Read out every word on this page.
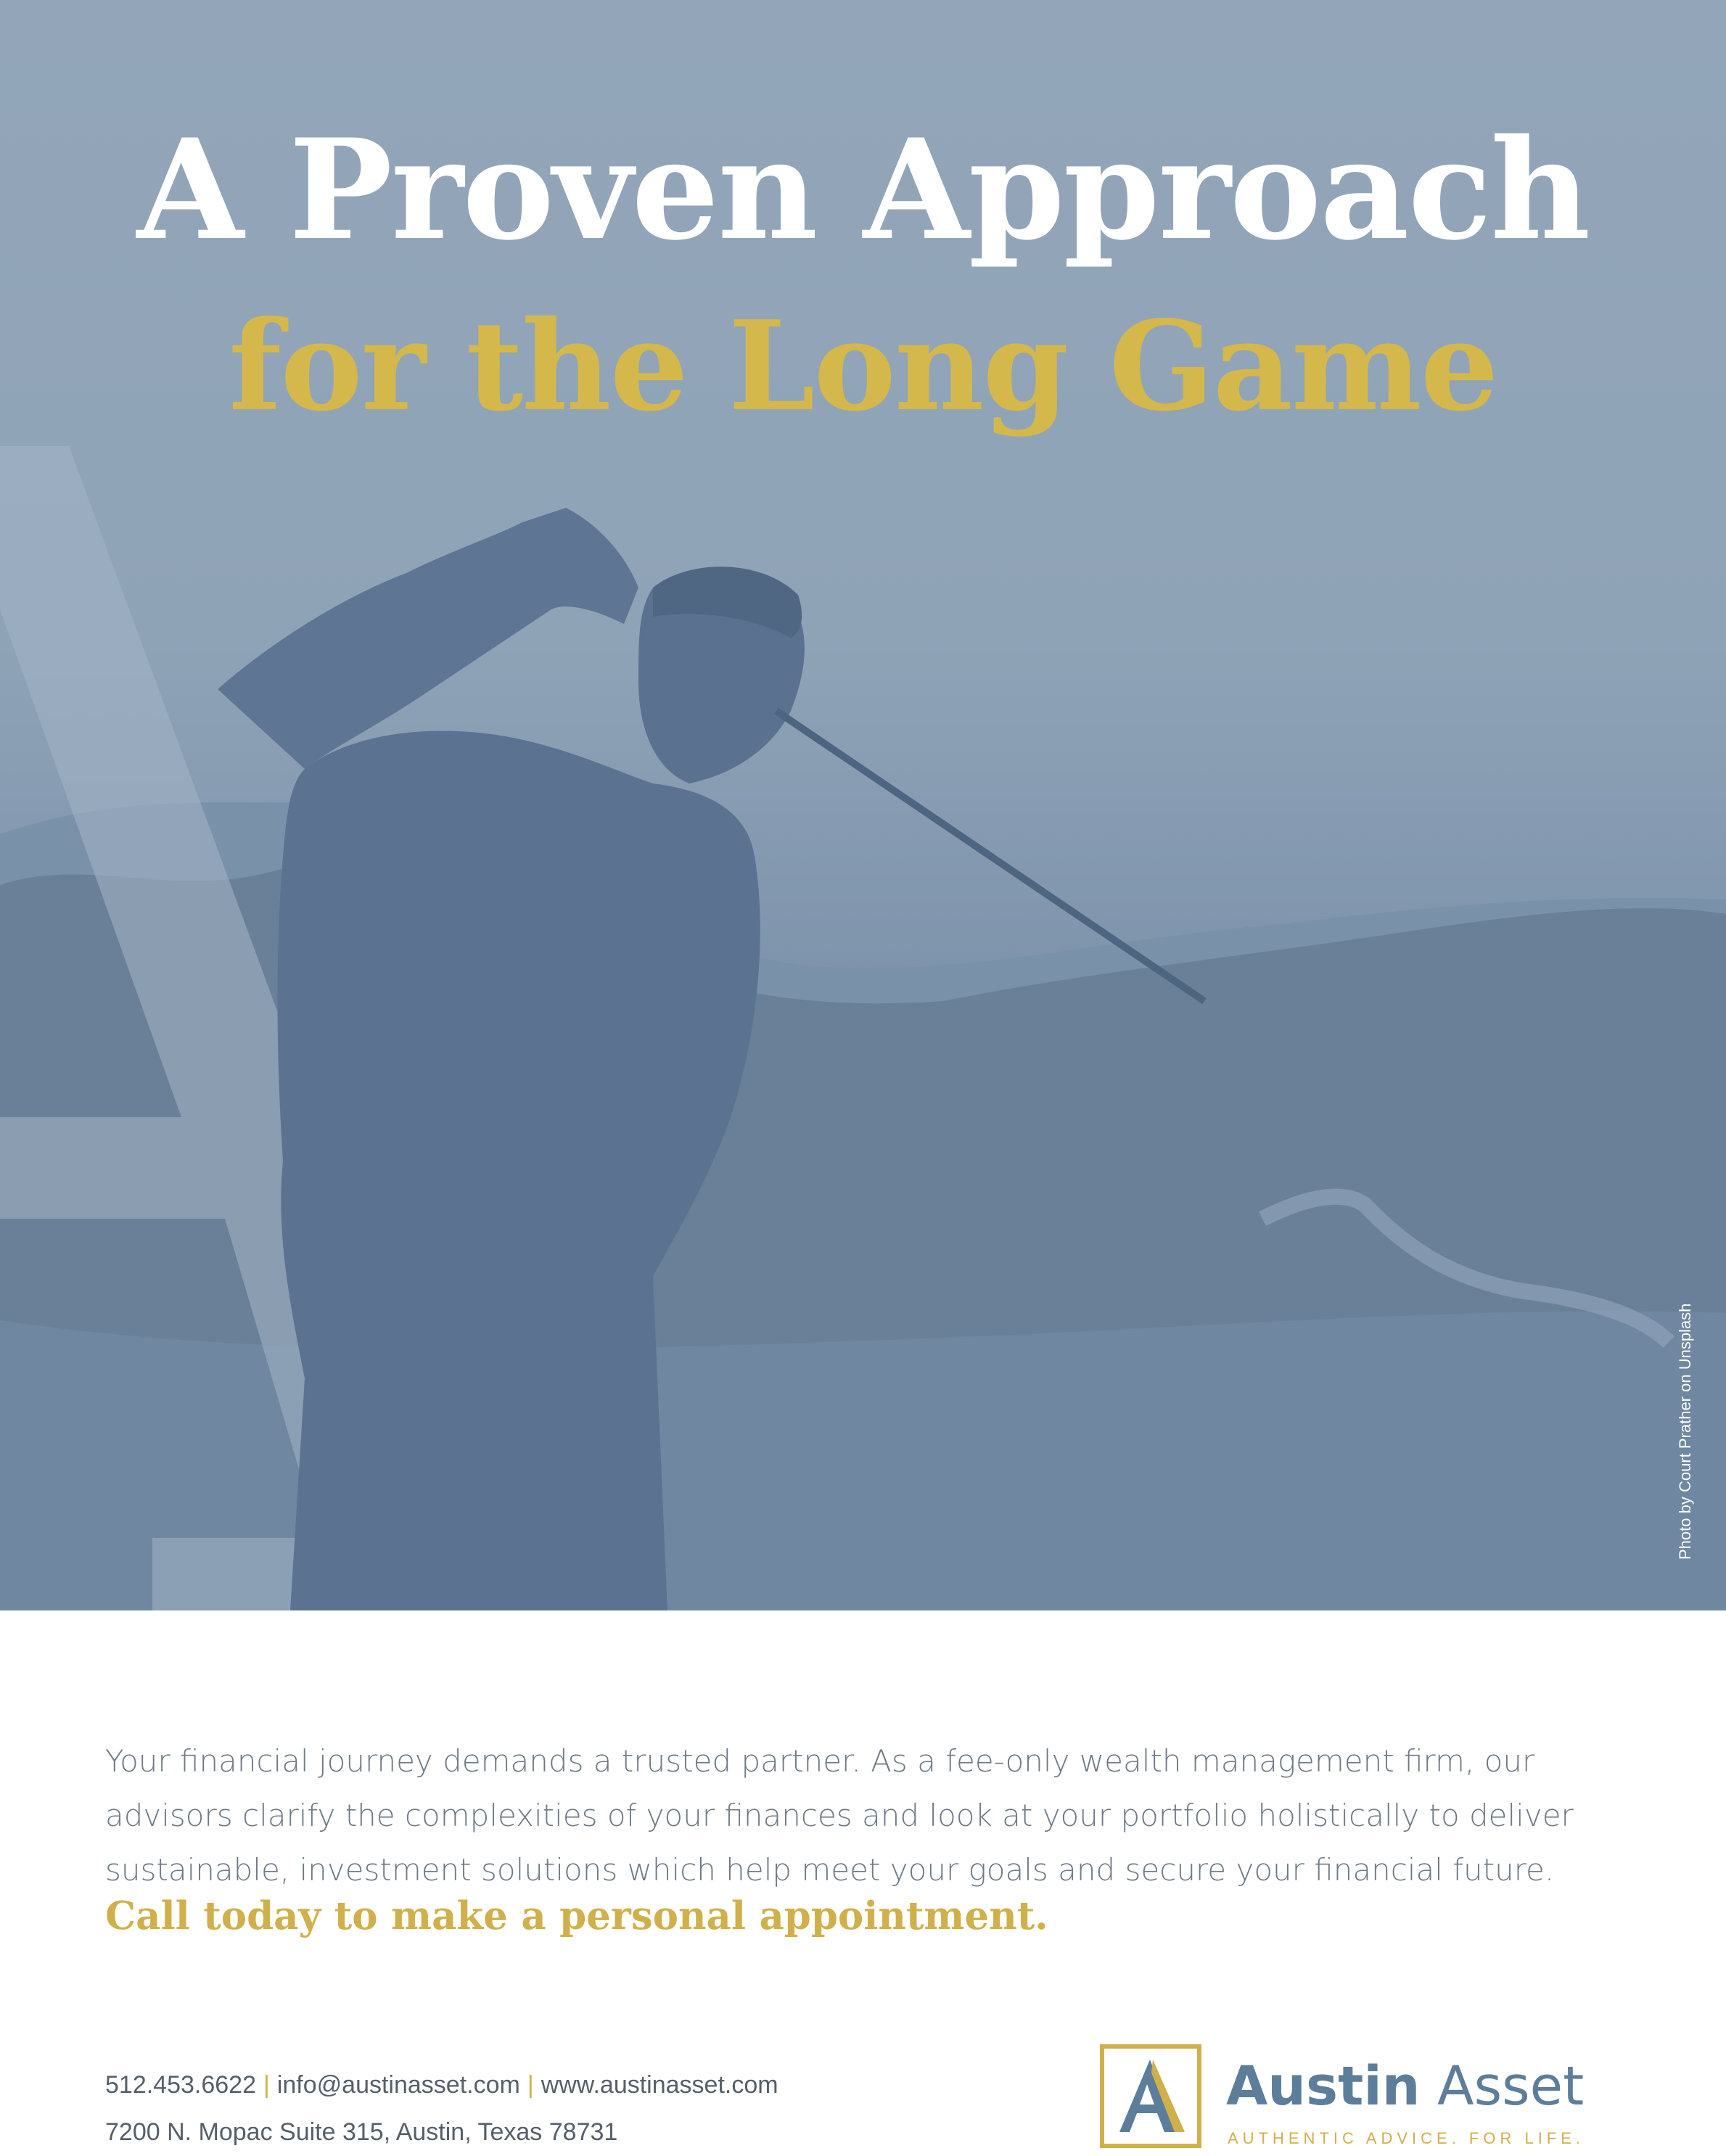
A Proven Approach
for the Long Game
Photo by Court Prather on Unsplash

Your financial journey demands a trusted partner. As a fee-only wealth management firm, our advisors clarify the complexities of your finances and look at your portfolio holistically to deliver sustainable, investment solutions which help meet your goals and secure your financial future.

Call today to make a personal appointment.
512.453.6622 | info@austinasset.com | www.austinasset.com
7200 N. Mopac Suite 315, Austin, Texas 78731
Austin Asset
AUTHENTIC ADVICE. FOR LIFE.
